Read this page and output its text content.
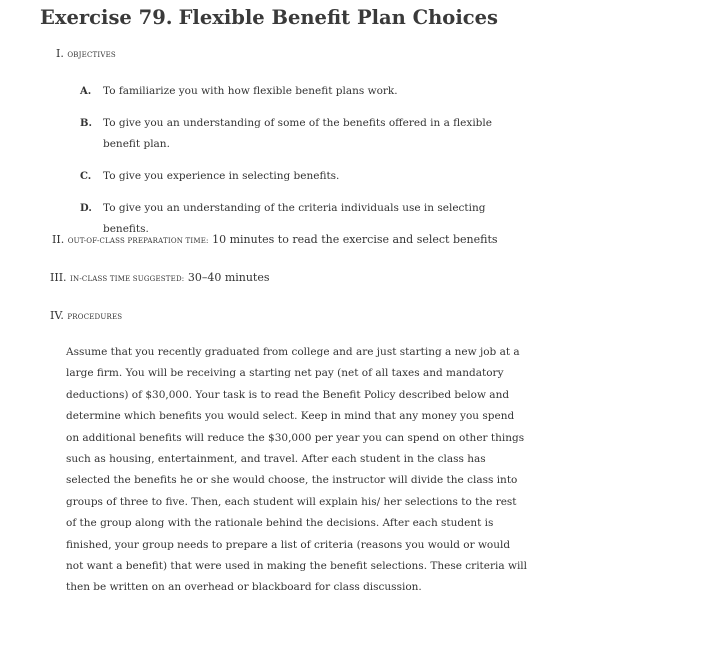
Exercise 79. Flexible Benefit Plan Choices
I. OBJECTIVES
A. To familiarize you with how flexible benefit plans work.
B. To give you an understanding of some of the benefits offered in a flexible benefit plan.
C. To give you experience in selecting benefits.
D. To give you an understanding of the criteria individuals use in selecting benefits.
II. OUT-OF-CLASS PREPARATION TIME: 10 minutes to read the exercise and select benefits
III. IN-CLASS TIME SUGGESTED: 30–40 minutes
IV. PROCEDURES

Assume that you recently graduated from college and are just starting a new job at a large firm. You will be receiving a starting net pay (net of all taxes and mandatory deductions) of $30,000. Your task is to read the Benefit Policy described below and determine which benefits you would select. Keep in mind that any money you spend on additional benefits will reduce the $30,000 per year you can spend on other things such as housing, entertainment, and travel. After each student in the class has selected the benefits he or she would choose, the instructor will divide the class into groups of three to five. Then, each student will explain his/ her selections to the rest of the group along with the rationale behind the decisions. After each student is finished, your group needs to prepare a list of criteria (reasons you would or would not want a benefit) that were used in making the benefit selections. These criteria will then be written on an overhead or blackboard for class discussion.
